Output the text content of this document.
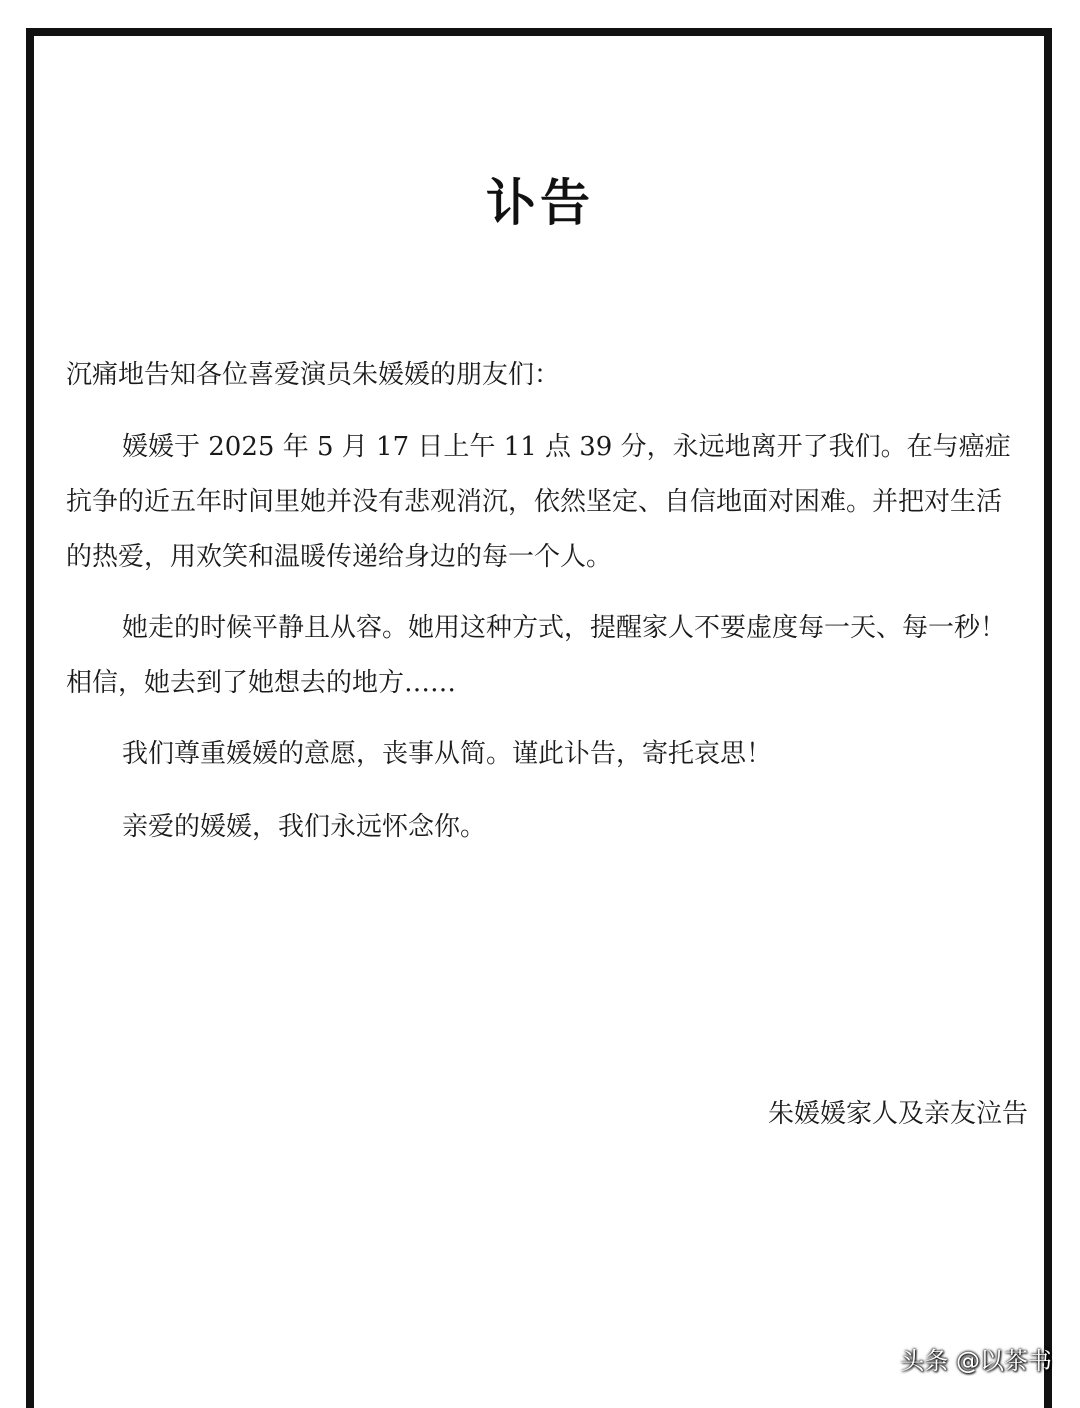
讣告
沉痛地告知各位喜爱演员朱媛媛的朋友们：
媛媛于 2025 年 5 月 17 日上午 11 点 39 分，永远地离开了我们。在与癌症抗争的近五年时间里她并没有悲观消沉，依然坚定、自信地面对困难。并把对生活的热爱，用欢笑和温暖传递给身边的每一个人。
她走的时候平静且从容。她用这种方式，提醒家人不要虚度每一天、每一秒！相信，她去到了她想去的地方……
我们尊重媛媛的意愿，丧事从简。谨此讣告，寄托哀思！
亲爱的媛媛，我们永远怀念你。
朱媛媛家人及亲友泣告
头条 @以茶书
